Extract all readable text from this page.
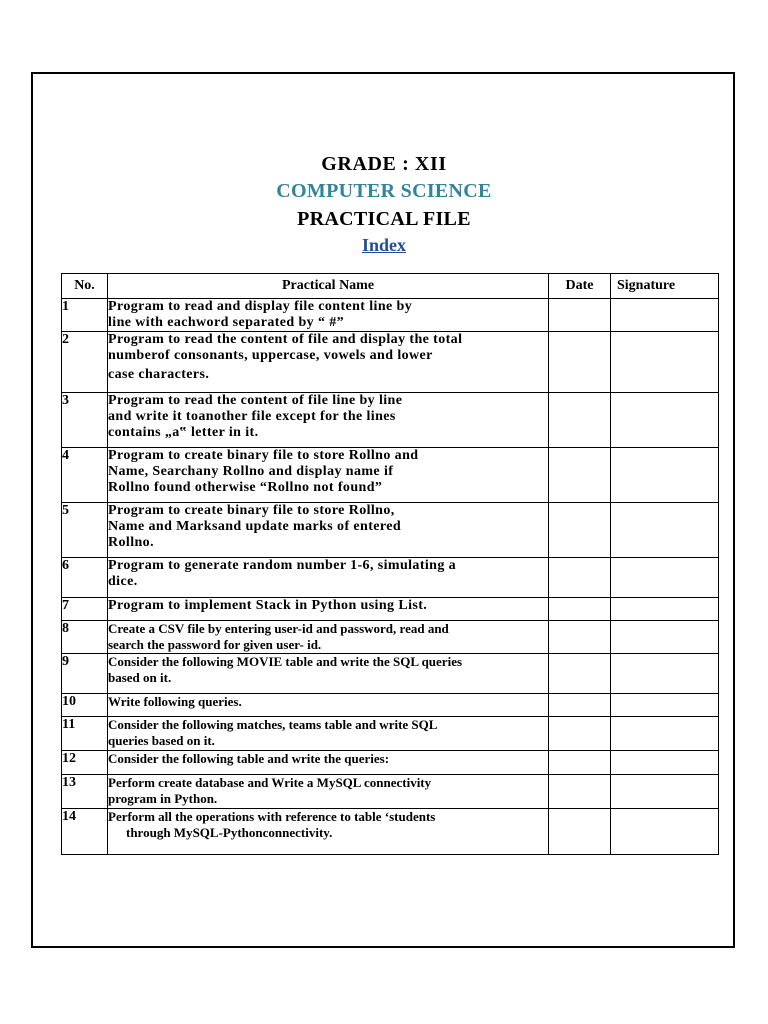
GRADE : XII
COMPUTER SCIENCE
PRACTICAL FILE
Index
No.	Practical Name	Date	Signature
1	Program to read and display file content line by
line with eachword separated by “ #”		

2	Program to read the content of file and display the total
numberof consonants, uppercase, vowels and lower
case characters.		

3	Program to read the content of file line by line
and write it toanother file except for the lines
contains „a‟ letter in it.		

4	Program to create binary file to store Rollno and
Name, Searchany Rollno and display name if
Rollno found otherwise “Rollno not found”		

5	Program to create binary file to store Rollno,
Name and Marksand update marks of entered
Rollno.		

6	Program to generate random number 1-6, simulating a
dice.		

7	Program to implement Stack in Python using List.		

8	Create a CSV file by entering user-id and password, read and
search the password for given user- id.		

9	Consider the following MOVIE table and write the SQL queries
based on it.		

10	Write following queries.		

11	Consider the following matches, teams table and write SQL
queries based on it.		

12	Consider the following table and write the queries:		

13	Perform create database and Write a MySQL connectivity
program in Python.		

14	Perform all the operations with reference to table ‘students
through MySQL-Pythonconnectivity.		
